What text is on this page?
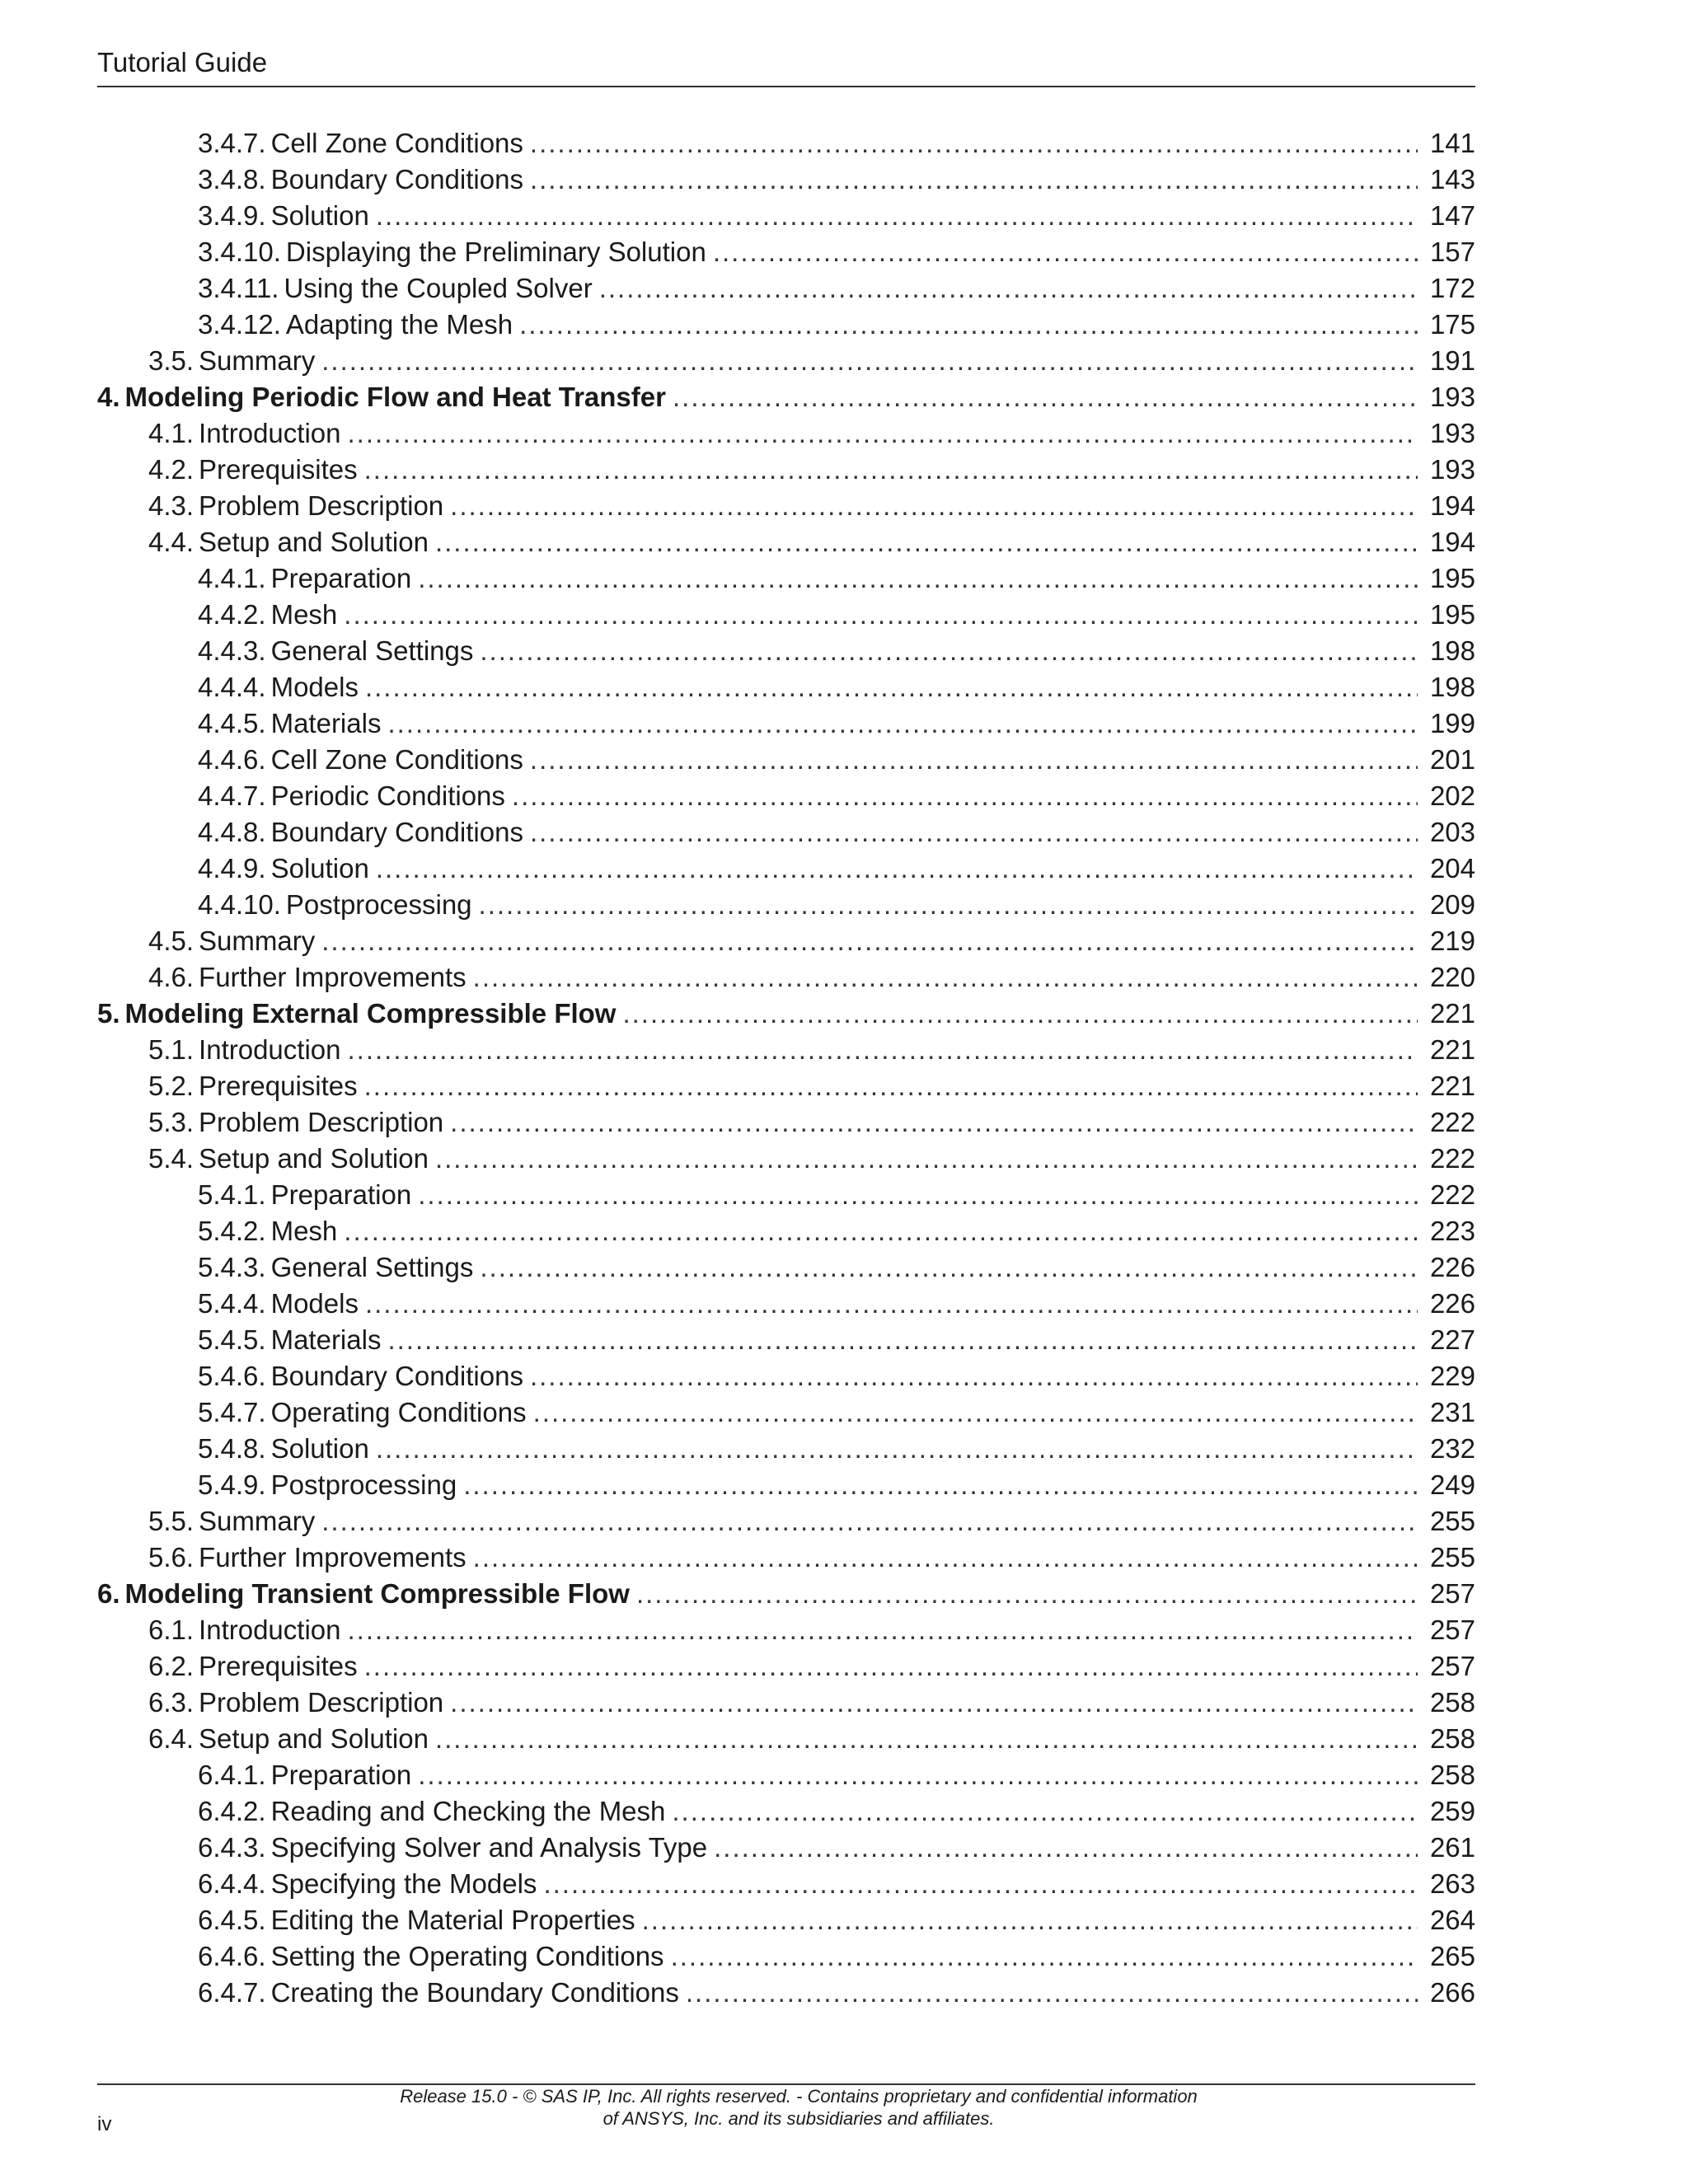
Tutorial Guide
3.4.7. Cell Zone Conditions .....	141
3.4.8. Boundary Conditions .....	143
3.4.9. Solution .....	147
3.4.10. Displaying the Preliminary Solution .....	157
3.4.11. Using the Coupled Solver .....	172
3.4.12. Adapting the Mesh .....	175
3.5. Summary .....	191
4. Modeling Periodic Flow and Heat Transfer .....	193
4.1. Introduction .....	193
4.2. Prerequisites .....	193
4.3. Problem Description .....	194
4.4. Setup and Solution .....	194
4.4.1. Preparation .....	195
4.4.2. Mesh .....	195
4.4.3. General Settings .....	198
4.4.4. Models .....	198
4.4.5. Materials .....	199
4.4.6. Cell Zone Conditions .....	201
4.4.7. Periodic Conditions .....	202
4.4.8. Boundary Conditions .....	203
4.4.9. Solution .....	204
4.4.10. Postprocessing .....	209
4.5. Summary .....	219
4.6. Further Improvements .....	220
5. Modeling External Compressible Flow .....	221
5.1. Introduction .....	221
5.2. Prerequisites .....	221
5.3. Problem Description .....	222
5.4. Setup and Solution .....	222
5.4.1. Preparation .....	222
5.4.2. Mesh .....	223
5.4.3. General Settings .....	226
5.4.4. Models .....	226
5.4.5. Materials .....	227
5.4.6. Boundary Conditions .....	229
5.4.7. Operating Conditions .....	231
5.4.8. Solution .....	232
5.4.9. Postprocessing .....	249
5.5. Summary .....	255
5.6. Further Improvements .....	255
6. Modeling Transient Compressible Flow .....	257
6.1. Introduction .....	257
6.2. Prerequisites .....	257
6.3. Problem Description .....	258
6.4. Setup and Solution .....	258
6.4.1. Preparation .....	258
6.4.2. Reading and Checking the Mesh .....	259
6.4.3. Specifying Solver and Analysis Type .....	261
6.4.4. Specifying the Models .....	263
6.4.5. Editing the Material Properties .....	264
6.4.6. Setting the Operating Conditions .....	265
6.4.7. Creating the Boundary Conditions .....	266
Release 15.0 - © SAS IP, Inc. All rights reserved. - Contains proprietary and confidential information
of ANSYS, Inc. and its subsidiaries and affiliates.
iv
